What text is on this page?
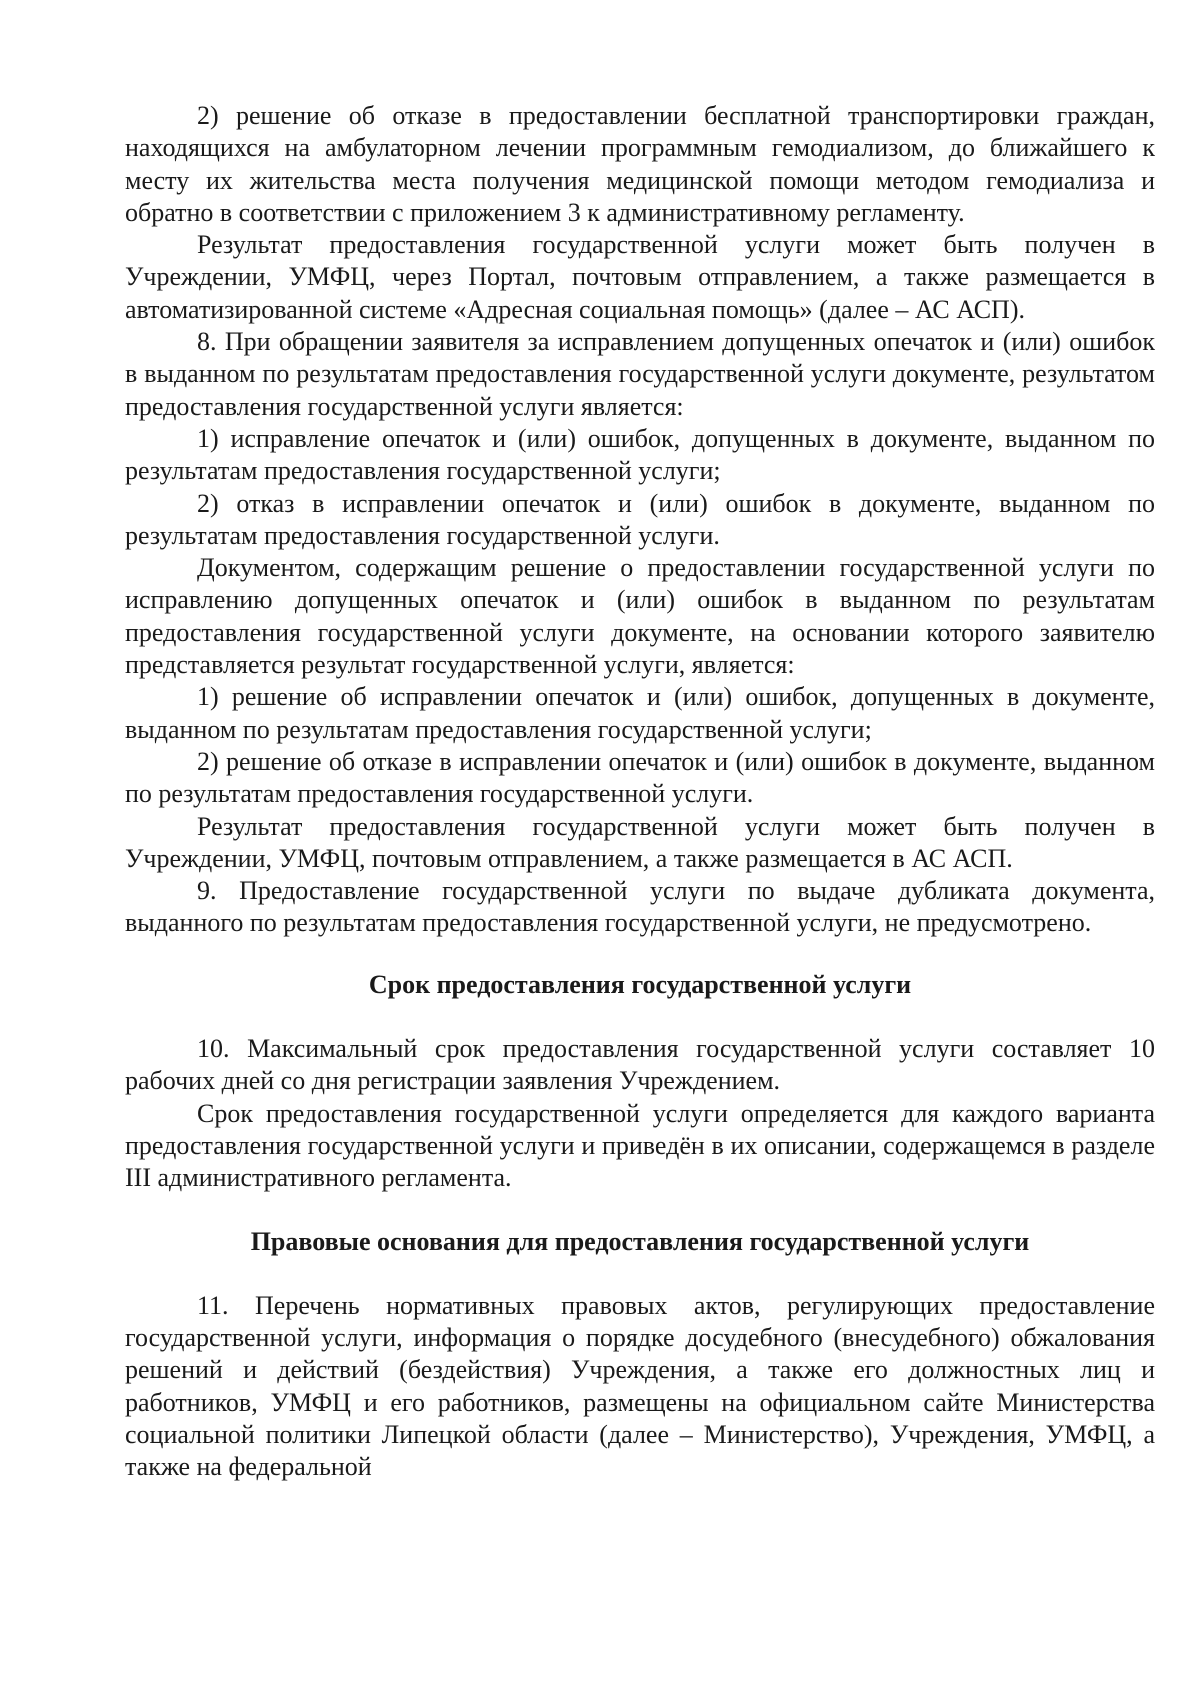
2) решение об отказе в предоставлении бесплатной транспортировки граждан, находящихся на амбулаторном лечении программным гемодиализом, до ближайшего к месту их жительства места получения медицинской помощи методом гемодиализа и обратно в соответствии с приложением 3 к административному регламенту.

Результат предоставления государственной услуги может быть получен в Учреждении, УМФЦ, через Портал, почтовым отправлением, а также размещается в автоматизированной системе «Адресная социальная помощь» (далее – АС АСП).

8. При обращении заявителя за исправлением допущенных опечаток и (или) ошибок в выданном по результатам предоставления государственной услуги документе, результатом предоставления государственной услуги является:

1) исправление опечаток и (или) ошибок, допущенных в документе, выданном по результатам предоставления государственной услуги;

2) отказ в исправлении опечаток и (или) ошибок в документе, выданном по результатам предоставления государственной услуги.

Документом, содержащим решение о предоставлении государственной услуги по исправлению допущенных опечаток и (или) ошибок в выданном по результатам предоставления государственной услуги документе, на основании которого заявителю представляется результат государственной услуги, является:

1) решение об исправлении опечаток и (или) ошибок, допущенных в документе, выданном по результатам предоставления государственной услуги;

2) решение об отказе в исправлении опечаток и (или) ошибок в документе, выданном по результатам предоставления государственной услуги.

Результат предоставления государственной услуги может быть получен в Учреждении, УМФЦ, почтовым отправлением, а также размещается в АС АСП.

9. Предоставление государственной услуги по выдаче дубликата документа, выданного по результатам предоставления государственной услуги, не предусмотрено.

Срок предоставления государственной услуги

10. Максимальный срок предоставления государственной услуги составляет 10 рабочих дней со дня регистрации заявления Учреждением.

Срок предоставления государственной услуги определяется для каждого варианта предоставления государственной услуги и приведён в их описании, содержащемся в разделе III административного регламента.

Правовые основания для предоставления государственной услуги

11. Перечень нормативных правовых актов, регулирующих предоставление государственной услуги, информация о порядке досудебного (внесудебного) обжалования решений и действий (бездействия) Учреждения, а также его должностных лиц и работников, УМФЦ и его работников, размещены на официальном сайте Министерства социальной политики Липецкой области (далее – Министерство), Учреждения, УМФЦ, а также на федеральной
